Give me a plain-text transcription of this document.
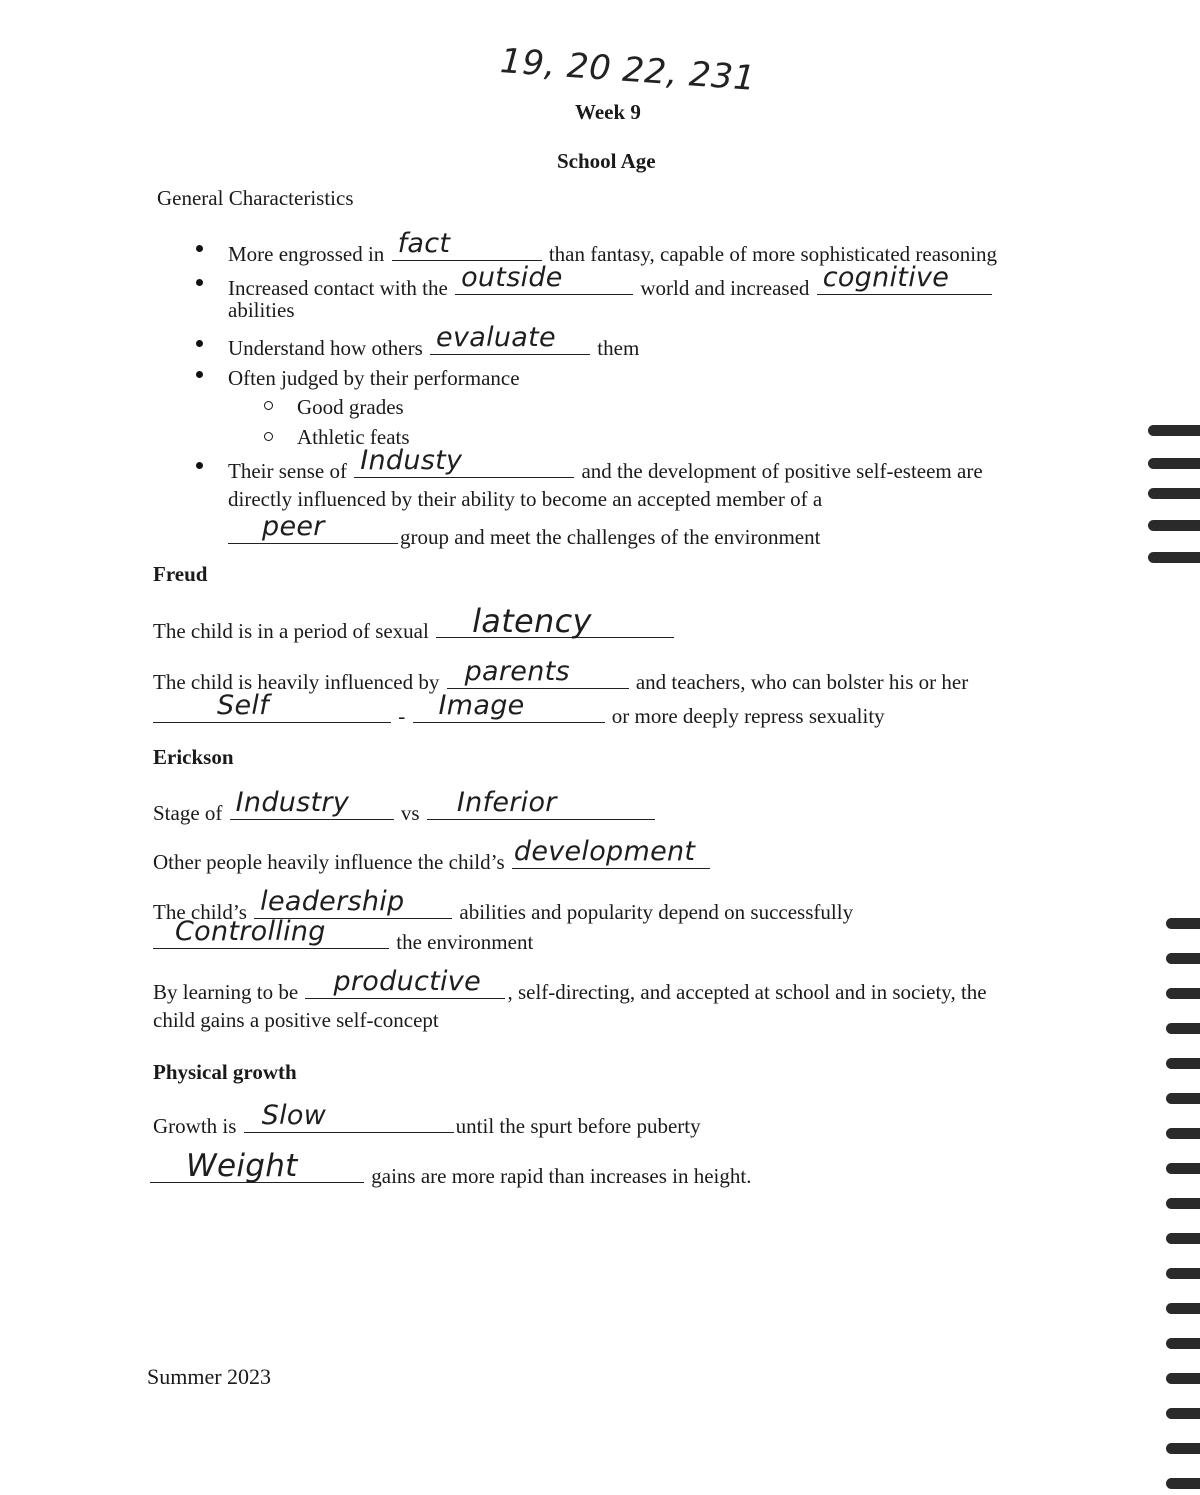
19, 20 22, 231
Week 9
School Age
General Characteristics
More engrossed in fact	than fantasy, capable of more sophisticated reasoning
Increased contact with the outside	world and increased cognitive
abilities
Understand how others evaluate them
Often judged by their performance
Good grades
Athletic feats
Their sense of Industy	and the development of positive self-esteem are
directly influenced by their ability to become an accepted member of a
peer	group and meet the challenges of the environment
Freud
The child is in a period of sexual latency
The child is heavily influenced by parents	and teachers, who can bolster his or her
Self	- Image	or more deeply repress sexuality
Erickson
Stage of Industry vs Inferior
Other people heavily influence the child’s development
The child’s leadership	abilities and popularity depend on successfully
Controlling	the environment
By learning to be productive , self-directing, and accepted at school and in society, the
child gains a positive self-concept
Physical growth
Growth is Slow	until the spurt before puberty
Weight	gains are more rapid than increases in height.
Summer 2023
